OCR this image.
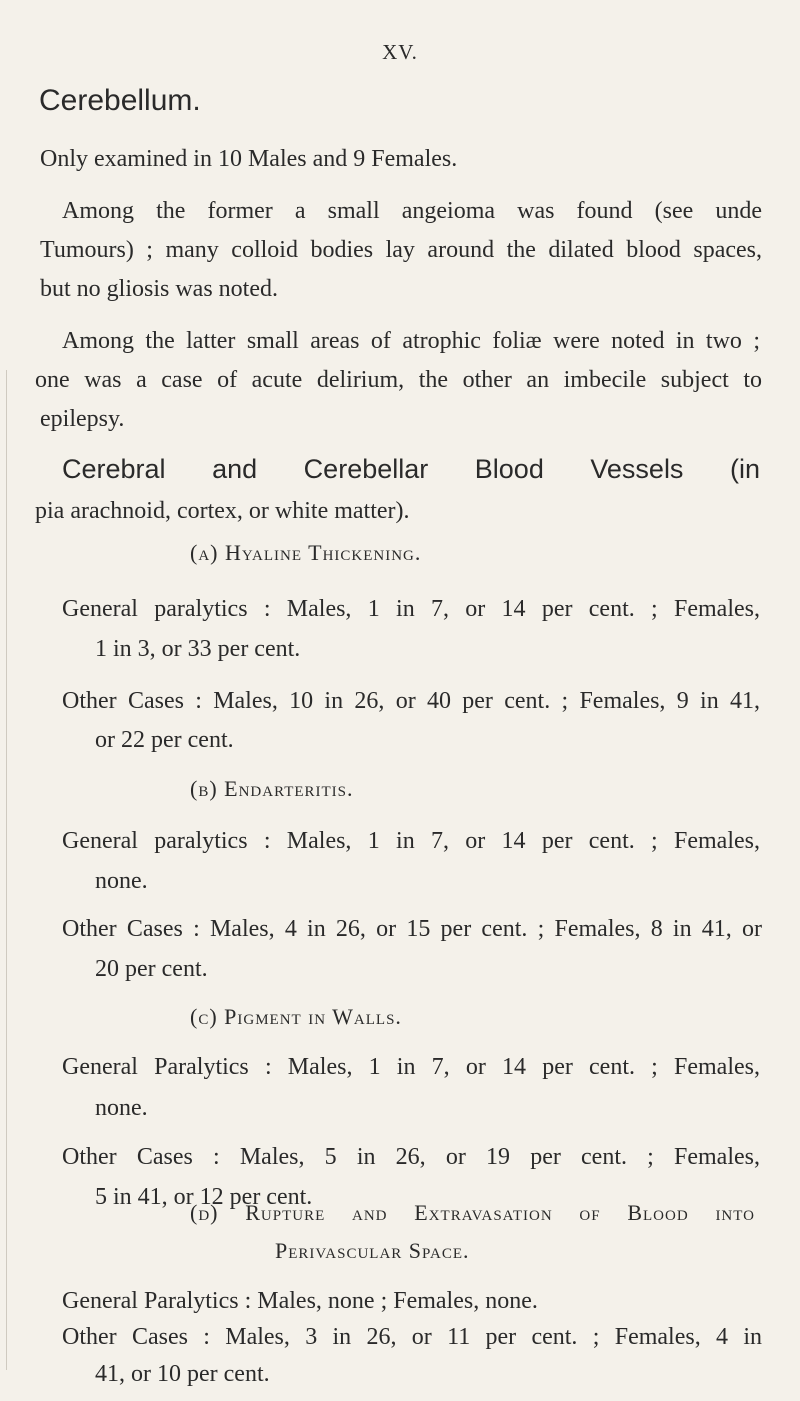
XV.
Cerebellum.
Only examined in 10 Males and 9 Females.
Among the former a small angeioma was found (see unde
Tumours) ; many colloid bodies lay around the dilated blood spaces,
but no gliosis was noted.
Among the latter small areas of atrophic foliæ were noted in two ;
one was a case of acute delirium, the other an imbecile subject to
epilepsy.
Cerebral and Cerebellar Blood Vessels (in
pia arachnoid, cortex, or white matter).
(a) Hyaline Thickening.
General paralytics : Males, 1 in 7, or 14 per cent. ; Females,
1 in 3, or 33 per cent.
Other Cases : Males, 10 in 26, or 40 per cent. ; Females, 9 in 41,
or 22 per cent.
(b) Endarteritis.
General paralytics : Males, 1 in 7, or 14 per cent. ; Females,
none.
Other Cases : Males, 4 in 26, or 15 per cent. ; Females, 8 in 41, or
20 per cent.
(c) Pigment in Walls.
General Paralytics : Males, 1 in 7, or 14 per cent. ; Females,
none.
Other Cases : Males, 5 in 26, or 19 per cent. ; Females,
5 in 41, or 12 per cent.
(d) Rupture and Extravasation of Blood into
Perivascular Space.
General Paralytics : Males, none ; Females, none.
Other Cases : Males, 3 in 26, or 11 per cent. ; Females, 4 in
41, or 10 per cent.
